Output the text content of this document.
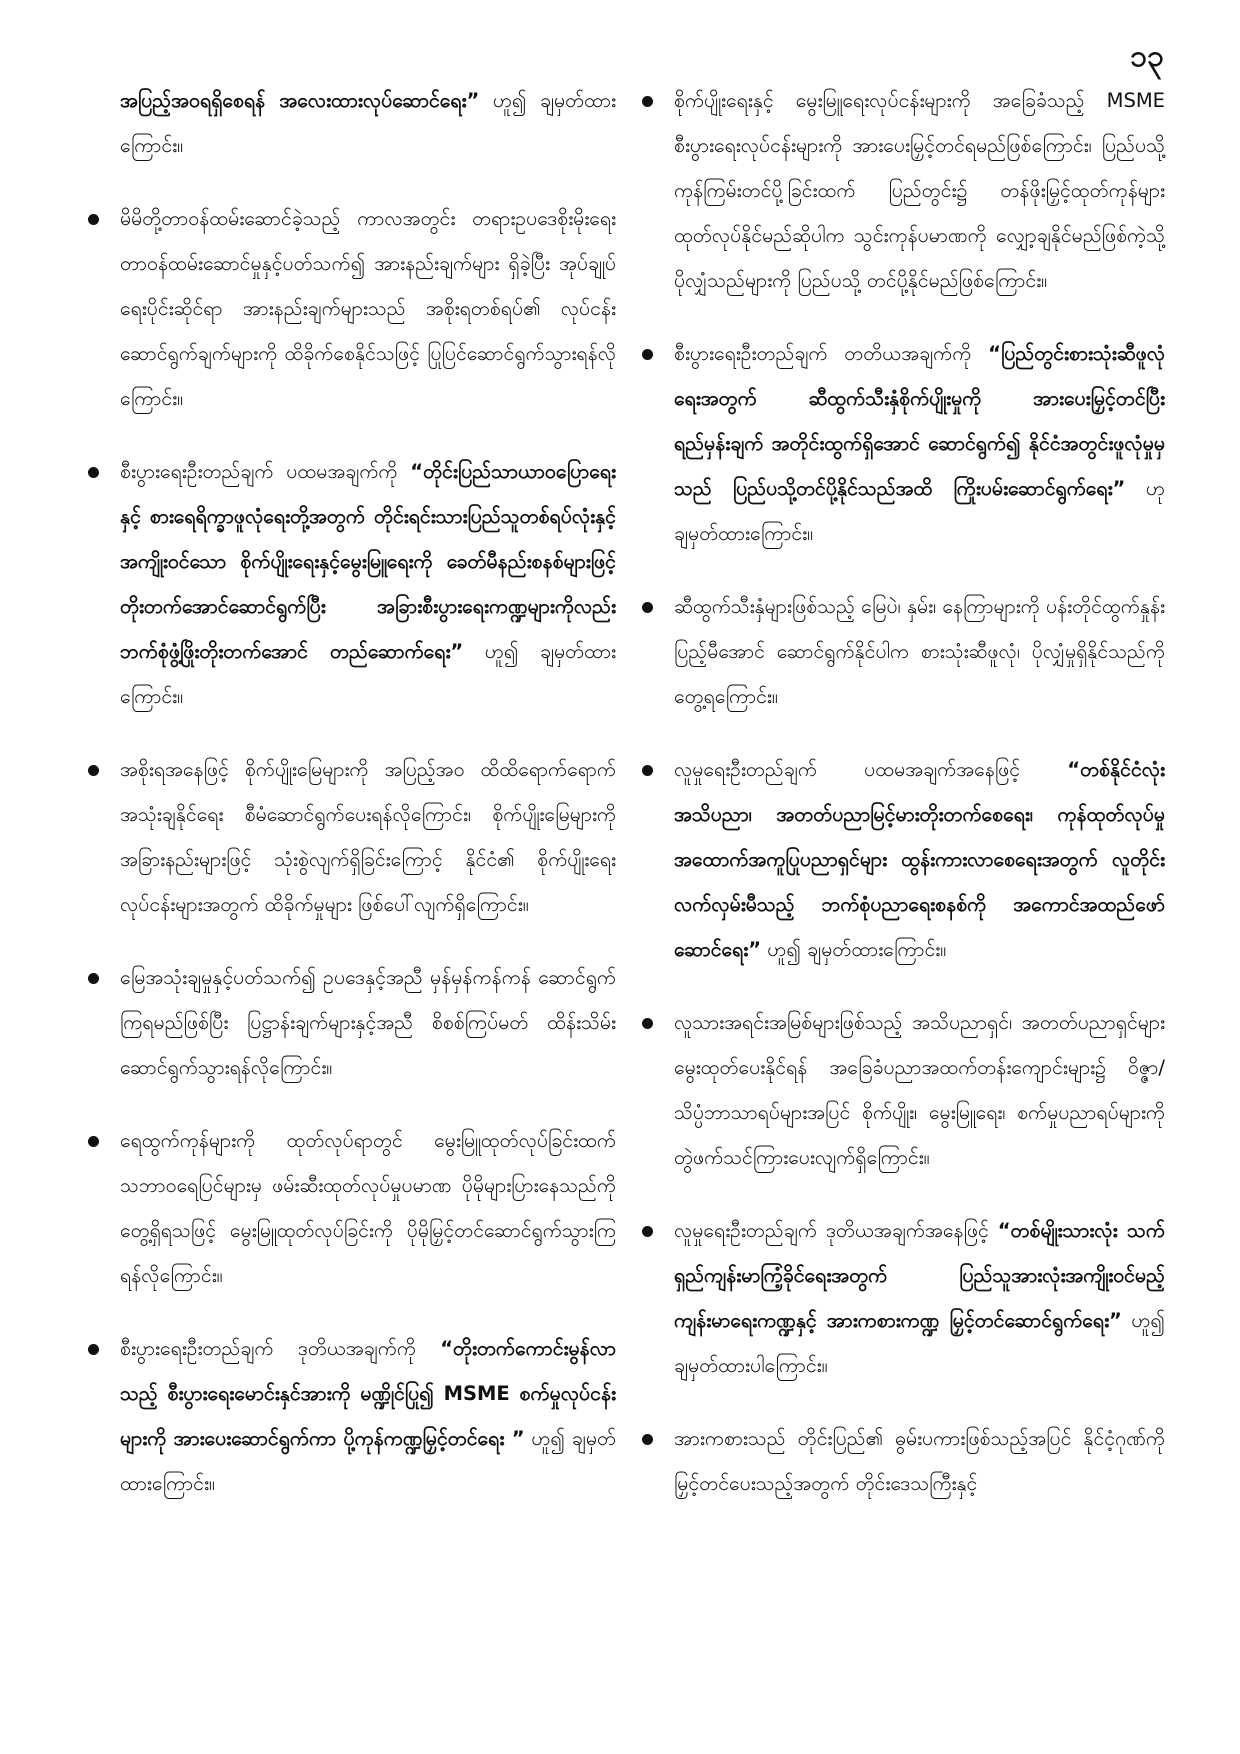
၁၃
အပြည့်အဝရရှိစေရန် အလေးထားလုပ်ဆောင်ရေး” ဟူ၍ ချမှတ်ထားကြောင်း။
မိမိတို့တာဝန်ထမ်းဆောင်ခဲ့သည့် ကာလအတွင်း တရားဥပဒေစိုးမိုးရေး တာဝန်ထမ်းဆောင်မှုနှင့်ပတ်သက်၍ အားနည်းချက်များ ရှိခဲ့ပြီး အုပ်ချုပ်ရေးပိုင်းဆိုင်ရာ အားနည်းချက်များသည် အစိုးရတစ်ရပ်၏ လုပ်ငန်းဆောင်ရွက်ချက်များကို ထိခိုက်စေနိုင်သဖြင့် ပြုပြင်ဆောင်ရွက်သွားရန်လိုကြောင်း။
စီးပွားရေးဦးတည်ချက် ပထမအချက်ကို “တိုင်းပြည်သာယာဝပြောရေးနှင့် စားရေရိက္ခာဖူလုံရေးတို့အတွက် တိုင်းရင်းသားပြည်သူတစ်ရပ်လုံးနှင့်အကျိုးဝင်သော စိုက်ပျိုးရေးနှင့်မွေးမြူရေးကို ခေတ်မီနည်းစနစ်များဖြင့် တိုးတက်အောင်ဆောင်ရွက်ပြီး အခြားစီးပွားရေးကဏ္ဍများကိုလည်း ဘက်စုံဖွံ့ဖြိုးတိုးတက်အောင် တည်ဆောက်ရေး” ဟူ၍ ချမှတ်ထားကြောင်း။
အစိုးရအနေဖြင့် စိုက်ပျိုးမြေများကို အပြည့်အဝ ထိထိရောက်ရောက် အသုံးချနိုင်ရေး စီမံဆောင်ရွက်ပေးရန်လိုကြောင်း၊ စိုက်ပျိုးမြေများကို အခြားနည်းများဖြင့် သုံးစွဲလျက်ရှိခြင်းကြောင့် နိုင်ငံ၏ စိုက်ပျိုးရေးလုပ်ငန်းများအတွက် ထိခိုက်မှုများ ဖြစ်ပေါ်လျက်ရှိကြောင်း။
မြေအသုံးချမှုနှင့်ပတ်သက်၍ ဥပဒေနှင့်အညီ မှန်မှန်ကန်ကန် ဆောင်ရွက်ကြရမည်ဖြစ်ပြီး ပြဋ္ဌာန်းချက်များနှင့်အညီ စိစစ်ကြပ်မတ် ထိန်းသိမ်းဆောင်ရွက်သွားရန်လိုကြောင်း။
ရေထွက်ကုန်များကို ထုတ်လုပ်ရာတွင် မွေးမြူထုတ်လုပ်ခြင်းထက် သဘာဝရေပြင်များမှ ဖမ်းဆီးထုတ်လုပ်မှုပမာဏ ပိုမိုများပြားနေသည်ကို တွေ့ရှိရသဖြင့် မွေးမြူထုတ်လုပ်ခြင်းကို ပိုမိုမြှင့်တင်ဆောင်ရွက်သွားကြရန်လိုကြောင်း။
စီးပွားရေးဦးတည်ချက် ဒုတိယအချက်ကို “တိုးတက်ကောင်းမွန်လာသည့် စီးပွားရေးမောင်းနှင်အားကို မဏ္ဍိုင်ပြု၍ MSME စက်မှုလုပ်ငန်းများကို အားပေးဆောင်ရွက်ကာ ပို့ကုန်ကဏ္ဍမြှင့်တင်ရေး ” ဟူ၍ ချမှတ်ထားကြောင်း။
စိုက်ပျိုးရေးနှင့် မွေးမြူရေးလုပ်ငန်းများကို အခြေခံသည့် MSME စီးပွားရေးလုပ်ငန်းများကို အားပေးမြှင့်တင်ရမည်ဖြစ်ကြောင်း၊ ပြည်ပသို့ ကုန်ကြမ်းတင်ပို့ခြင်းထက် ပြည်တွင်း၌ တန်ဖိုးမြှင့်ထုတ်ကုန်များ ထုတ်လုပ်နိုင်မည်ဆိုပါက သွင်းကုန်ပမာဏကို လျှော့ချနိုင်မည်ဖြစ်ကဲ့သို့ ပိုလျှံသည်များကို ပြည်ပသို့ တင်ပို့နိုင်မည်ဖြစ်ကြောင်း။
စီးပွားရေးဦးတည်ချက် တတိယအချက်ကို “ပြည်တွင်းစားသုံးဆီဖူလုံရေးအတွက် ဆီထွက်သီးနှံစိုက်ပျိုးမှုကို အားပေးမြှင့်တင်ပြီး ရည်မှန်းချက် အတိုင်းထွက်ရှိအောင် ဆောင်ရွက်၍ နိုင်ငံအတွင်းဖူလုံမှုမှသည် ပြည်ပသို့တင်ပို့နိုင်သည်အထိ ကြိုးပမ်းဆောင်ရွက်ရေး” ဟု ချမှတ်ထားကြောင်း။
ဆီထွက်သီးနှံများဖြစ်သည့် မြေပဲ၊ နှမ်း၊ နေကြာများကို ပန်းတိုင်ထွက်နှုန်း ပြည့်မီအောင် ဆောင်ရွက်နိုင်ပါက စားသုံးဆီဖူလုံ၊ ပိုလျှံမှုရှိနိုင်သည်ကိုတွေ့ရကြောင်း။
လူမှုရေးဦးတည်ချက် ပထမအချက်အနေဖြင့် “တစ်နိုင်ငံလုံး အသိပညာ၊ အတတ်ပညာမြင့်မားတိုးတက်စေရေး၊ ကုန်ထုတ်လုပ်မှု အထောက်အကူပြုပညာရှင်များ ထွန်းကားလာစေရေးအတွက် လူတိုင်းလက်လှမ်းမီသည့် ဘက်စုံပညာရေးစနစ်ကို အကောင်အထည်ဖော်ဆောင်ရေး” ဟူ၍ ချမှတ်ထားကြောင်း။
လူသားအရင်းအမြစ်များဖြစ်သည့် အသိပညာရှင်၊ အတတ်ပညာရှင်များ မွေးထုတ်ပေးနိုင်ရန် အခြေခံပညာအထက်တန်းကျောင်းများ၌ ဝိဇ္ဇာ/ သိပ္ပံဘာသာရပ်များအပြင် စိုက်ပျိုး၊ မွေးမြူရေး၊ စက်မှုပညာရပ်များကို တွဲဖက်သင်ကြားပေးလျက်ရှိကြောင်း။
လူမှုရေးဦးတည်ချက် ဒုတိယအချက်အနေဖြင့် “တစ်မျိုးသားလုံး သက်ရှည်ကျန်းမာကြံ့ခိုင်ရေးအတွက် ပြည်သူအားလုံးအကျိုးဝင်မည့် ကျန်းမာရေးကဏ္ဍနှင့် အားကစားကဏ္ဍ မြှင့်တင်ဆောင်ရွက်ရေး” ဟူ၍ ချမှတ်ထားပါကြောင်း။
အားကစားသည် တိုင်းပြည်၏ ဓွမ်းပကားဖြစ်သည့်အပြင် နိုင်ငံ့ဂုဏ်ကို မြှင့်တင်ပေးသည့်အတွက် တိုင်းဒေသကြီးနှင့်
